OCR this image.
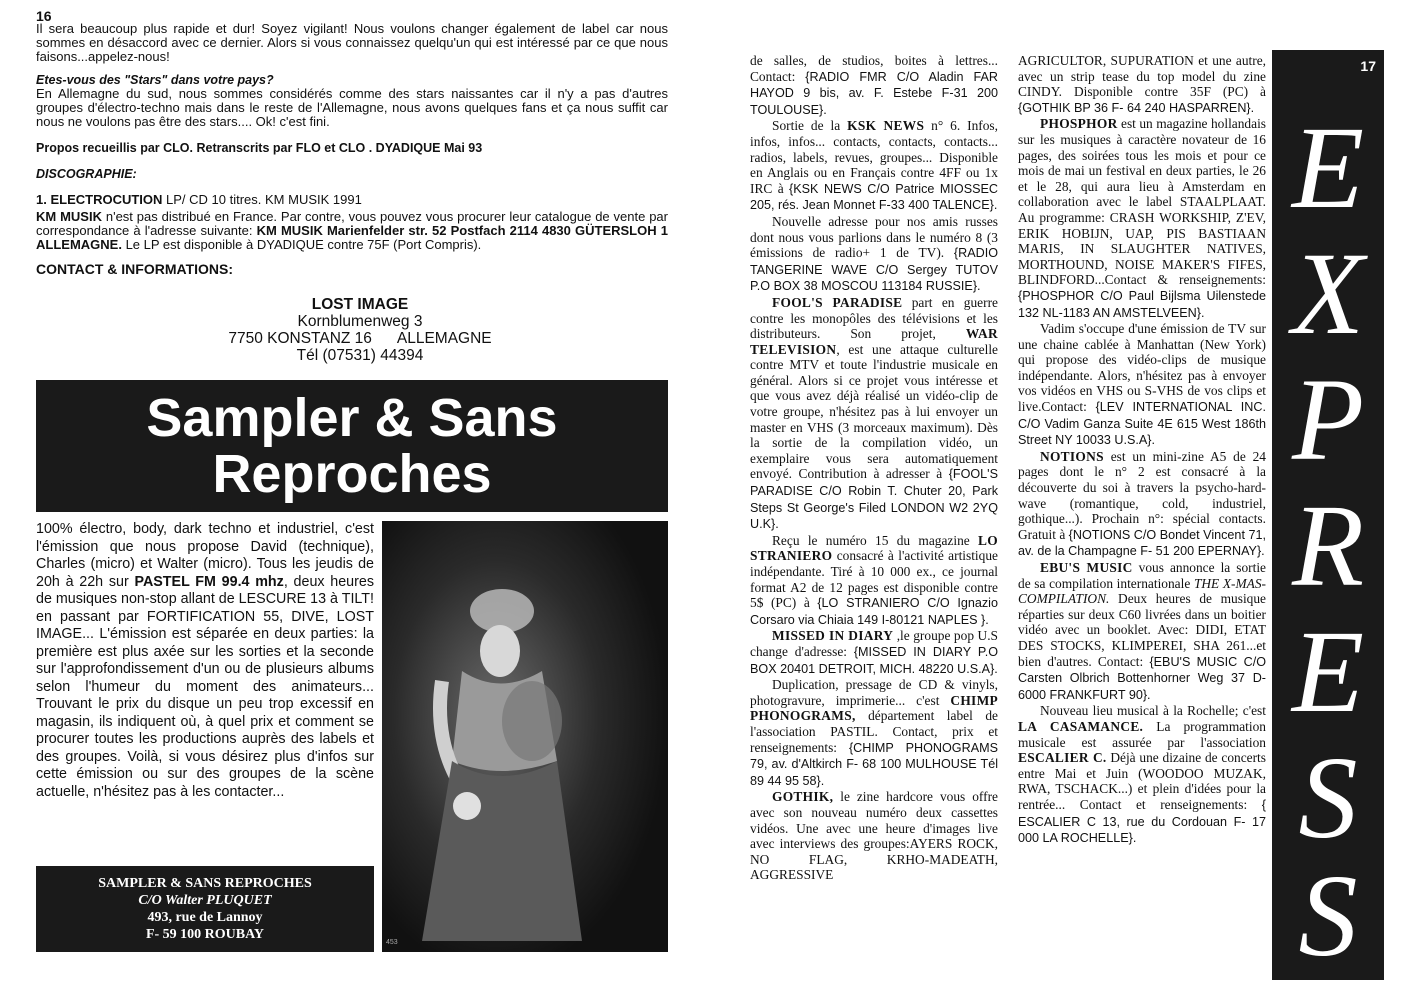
16

Il sera beaucoup plus rapide et dur! Soyez vigilant! Nous voulons changer également de label car nous sommes en désaccord avec ce dernier. Alors si vous connaissez quelqu'un qui est intéressé par ce que nous faisons...appelez-nous!

Etes-vous des "Stars" dans votre pays?

En Allemagne du sud, nous sommes considérés comme des stars naissantes car il n'y a pas d'autres groupes d'électro-techno mais dans le reste de l'Allemagne, nous avons quelques fans et ça nous suffit car nous ne voulons pas être des stars.... Ok! c'est fini.

Propos recueillis par CLO. Retranscrits par FLO et CLO . DYADIQUE Mai 93

DISCOGRAPHIE:

1. ELECTROCUTION LP/ CD 10 titres. KM MUSIK 1991

KM MUSIK n'est pas distribué en France. Par contre, vous pouvez vous procurer leur catalogue de vente par correspondance à l'adresse suivante: KM MUSIK Marienfelder str. 52 Postfach 2114 4830 GÜTERSLOH 1 ALLEMAGNE. Le LP est disponible à DYADIQUE contre 75F (Port Compris).

CONTACT & INFORMATIONS:

LOST IMAGE
Kornblumenweg 3
7750 KONSTANZ 16      ALLEMAGNE
Tél (07531) 44394
Sampler & Sans
Reproches

100% électro, body, dark techno et industriel, c'est l'émission que nous propose David (technique), Charles (micro) et Walter (micro). Tous les jeudis de 20h à 22h sur PASTEL FM 99.4 mhz, deux heures de musiques non-stop allant de LESCURE 13 à TILT! en passant par FORTIFICATION 55, DIVE, LOST IMAGE... L'émission est séparée en deux parties: la première est plus axée sur les sorties et la seconde sur l'approfondissement d'un ou de plusieurs albums selon l'humeur du moment des animateurs... Trouvant le prix du disque un peu trop excessif en magasin, ils indiquent où, à quel prix et comment se procurer toutes les productions auprès des labels et des groupes. Voilà, si vous désirez plus d'infos sur cette émission ou sur des groupes de la scène actuelle, n'hésitez pas à les contacter...

SAMPLER & SANS REPROCHES
C/O Walter PLUQUET
493, rue de Lannoy
F- 59 100 ROUBAY
453

de salles, de studios, boites à lettres... Contact: {RADIO FMR C/O Aladin FAR HAYOD 9 bis, av. F. Estebe F-31 200 TOULOUSE}.

Sortie de la KSK NEWS n° 6. Infos, infos, infos... contacts, contacts, contacts... radios, labels, revues, groupes... Disponible en Anglais ou en Français contre 4FF ou 1x IRC à {KSK NEWS C/O Patrice MIOSSEC 205, rés. Jean Monnet F-33 400 TALENCE}.

Nouvelle adresse pour nos amis russes dont nous vous parlions dans le numéro 8 (3 émissions de radio+ 1 de TV). {RADIO TANGERINE WAVE C/O Sergey TUTOV P.O BOX 38 MOSCOU 113184 RUSSIE}.

FOOL'S PARADISE part en guerre contre les monopôles des télévisions et les distributeurs. Son projet, WAR TELEVISION, est une attaque culturelle contre MTV et toute l'industrie musicale en général. Alors si ce projet vous intéresse et que vous avez déjà réalisé un vidéo-clip de votre groupe, n'hésitez pas à lui envoyer un master en VHS (3 morceaux maximum). Dès la sortie de la compilation vidéo, un exemplaire vous sera automatiquement envoyé. Contribution à adresser à {FOOL'S PARADISE C/O Robin T. Chuter 20, Park Steps St George's Filed LONDON W2 2YQ U.K}.

Reçu le numéro 15 du magazine LO STRANIERO consacré à l'activité artistique indépendante. Tiré à 10 000 ex., ce journal format A2 de 12 pages est disponible contre 5$ (PC) à {LO STRANIERO C/O Ignazio Corsaro via Chiaia 149 I-80121 NAPLES }.

MISSED IN DIARY ,le groupe pop U.S change d'adresse: {MISSED IN DIARY P.O BOX 20401 DETROIT, MICH. 48220 U.S.A}.

Duplication, pressage de CD & vinyls, photogravure, imprimerie... c'est CHIMP PHONOGRAMS, département label de l'association PASTIL. Contact, prix et renseignements: {CHIMP PHONOGRAMS 79, av. d'Altkirch F- 68 100 MULHOUSE Tél 89 44 95 58}.

GOTHIK, le zine hardcore vous offre avec son nouveau numéro deux cassettes vidéos. Une avec une heure d'images live avec interviews des groupes:AYERS ROCK, NO FLAG, KRHO-MADEATH, AGGRESSIVE

AGRICULTOR, SUPURATION et une autre, avec un strip tease du top model du zine CINDY. Disponible contre 35F (PC) à {GOTHIK BP 36 F- 64 240 HASPARREN}.

PHOSPHOR est un magazine hollandais sur les musiques à caractère novateur de 16 pages, des soirées tous les mois et pour ce mois de mai un festival en deux parties, le 26 et le 28, qui aura lieu à Amsterdam en collaboration avec le label STAALPLAAT. Au programme: CRASH WORKSHIP, Z'EV, ERIK HOBIJN, UAP, PIS BASTIAAN MARIS, IN SLAUGHTER NATIVES, MORTHOUND, NOISE MAKER'S FIFES, BLINDFORD...Contact & renseignements: {PHOSPHOR C/O Paul Bijlsma Uilenstede 132 NL-1183 AN AMSTELVEEN}.

Vadim s'occupe d'une émission de TV sur une chaine cablée à Manhattan (New York) qui propose des vidéo-clips de musique indépendante. Alors, n'hésitez pas à envoyer vos vidéos en VHS ou S-VHS de vos clips et live.Contact: {LEV INTERNATIONAL INC. C/O Vadim Ganza Suite 4E 615 West 186th Street NY 10033 U.S.A}.

NOTIONS est un mini-zine A5 de 24 pages dont le n° 2 est consacré à la découverte du soi à travers la psycho-hard-wave (romantique, cold, industriel, gothique...). Prochain n°: spécial contacts. Gratuit à {NOTIONS C/O Bondet Vincent 71, av. de la Champagne F- 51 200 EPERNAY}.

EBU'S MUSIC vous annonce la sortie de sa compilation internationale THE X-MAS-COMPILATION. Deux heures de musique réparties sur deux C60 livrées dans un boitier vidéo avec un booklet. Avec: DIDI, ETAT DES STOCKS, KLIMPEREI, SHA 261...et bien d'autres. Contact: {EBU'S MUSIC C/O Carsten Olbrich Bottenhorner Weg 37 D- 6000 FRANKFURT 90}.

Nouveau lieu musical à la Rochelle; c'est LA CASAMANCE. La programmation musicale est assurée par l'association ESCALIER C. Déjà une dizaine de concerts entre Mai et Juin (WOODOO MUZAK, RWA, TSCHACK...) et plein d'idées pour la rentrée... Contact et renseignements: { ESCALIER C 13, rue du Cordouan F- 17 000 LA ROCHELLE}.

17
E
X
P
R
E
S
S
